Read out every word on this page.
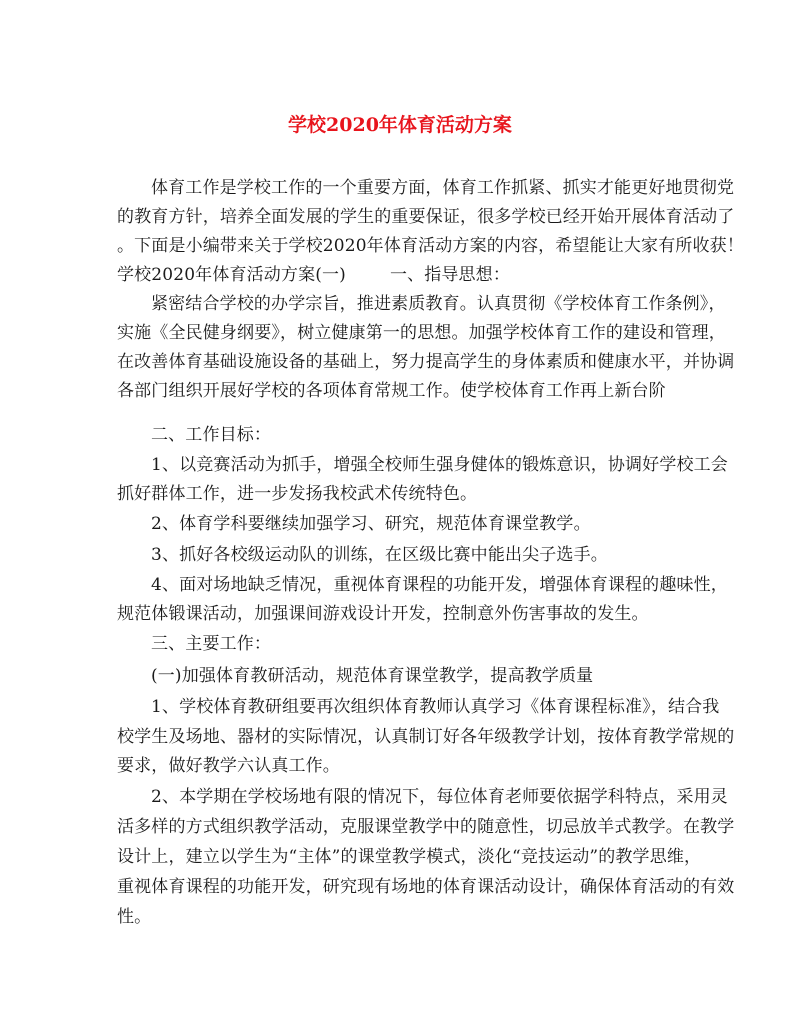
学校2020年体育活动方案
体育工作是学校工作的一个重要方面，体育工作抓紧、抓实才能更好地贯彻党
的教育方针，培养全面发展的学生的重要保证，很多学校已经开始开展体育活动了
。下面是小编带来关于学校2020年体育活动方案的内容，希望能让大家有所收获！
学校2020年体育活动方案(一)	一、指导思想：
紧密结合学校的办学宗旨，推进素质教育。认真贯彻《学校体育工作条例》，
实施《全民健身纲要》，树立健康第一的思想。加强学校体育工作的建设和管理，
在改善体育基础设施设备的基础上，努力提高学生的身体素质和健康水平，并协调
各部门组织开展好学校的各项体育常规工作。使学校体育工作再上新台阶
二、工作目标：
1、以竞赛活动为抓手，增强全校师生强身健体的锻炼意识，协调好学校工会
抓好群体工作，进一步发扬我校武术传统特色。
2、体育学科要继续加强学习、研究，规范体育课堂教学。
3、抓好各校级运动队的训练，在区级比赛中能出尖子选手。
4、面对场地缺乏情况，重视体育课程的功能开发，增强体育课程的趣味性，
规范体锻课活动，加强课间游戏设计开发，控制意外伤害事故的发生。
三、主要工作：
(一)加强体育教研活动，规范体育课堂教学，提高教学质量
1、学校体育教研组要再次组织体育教师认真学习《体育课程标准》，结合我
校学生及场地、器材的实际情况，认真制订好各年级教学计划，按体育教学常规的
要求，做好教学六认真工作。
2、本学期在学校场地有限的情况下，每位体育老师要依据学科特点，采用灵
活多样的方式组织教学活动，克服课堂教学中的随意性，切忌放羊式教学。在教学
设计上，建立以学生为“主体”的课堂教学模式，淡化“竞技运动”的教学思维，
重视体育课程的功能开发，研究现有场地的体育课活动设计，确保体育活动的有效
性。
